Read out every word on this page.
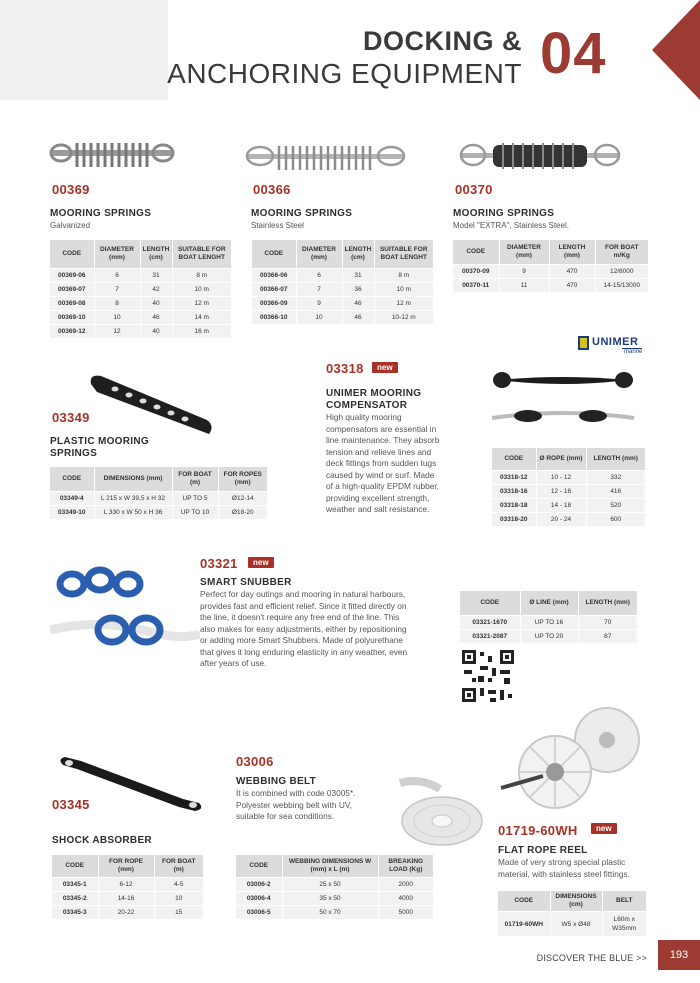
DOCKING &
ANCHORING EQUIPMENT 04
00369
MOORING SPRINGS
Galvanized
CODE	DIAMETER (mm)	LENGTH (cm)	SUITABLE FOR BOAT LENGHT
00369-06	6	31	8 m
00369-07	7	42	10 m
00369-08	8	40	12 m
00369-10	10	46	14 m
00369-12	12	40	16 m
00366
MOORING SPRINGS
Stainless Steel
CODE	DIAMETER (mm)	LENGTH (cm)	SUITABLE FOR BOAT LENGHT
00366-06	6	31	8 m
00366-07	7	36	10 m
00366-09	9	46	12 m
00366-10	10	46	10-12 m
00370
MOORING SPRINGS
Model "EXTRA", Stainless Steel.
CODE	DIAMETER (mm)	LENGTH (mm)	FOR BOAT m/Kg
00370-09	9	470	12/8000
00370-11	11	470	14-15/13000
UNIMER
marine
03349
PLASTIC MOORING
SPRINGS
CODE	DIMENSIONS (mm)	FOR BOAT (m)	FOR ROPES (mm)
03349-4	L 215 x W 39,5 x H 32	UP TO 5	Ø12-14
03349-10	L 330 x W 50 x H 36	UP TO 10	Ø18-20
03318	new
UNIMER MOORING
COMPENSATOR
High quality mooring
compensators are essential in
line maintenance. They absorb
tension and relieve lines and
deck fittings from sudden tugs
caused by wind or surf. Made
of a high-quality EPDM rubber,
providing excellent strength,
weather and salt resistance.
CODE	Ø ROPE (mm)	LENGTH (mm)
03318-12	10 - 12	332
03318-16	12 - 16	416
03318-18	14 - 18	520
03318-20	20 - 24	600
03321	new
SMART SNUBBER
Perfect for day outings and mooring in natural harbours,
provides fast and efficient relief. Since it fitted directly on
the line, it doesn't require any free end of the line. This
also makes for easy adjustments, either by repositioning
or adding more Smart Shubbers. Made of polyurethane
that gives it long enduring elasticity in any weather, even
after years of use.
CODE	Ø LINE (mm)	LENGTH (mm)
03321-1670	UP TO 16	70
03321-2087	UP TO 20	87
03345
SHOCK ABSORBER
CODE	FOR ROPE (mm)	FOR BOAT (m)
03345-1	6-12	4-5
03345-2	14-16	10
03345-3	20-22	15
03006
WEBBING BELT
It is combined with code 03005*.
Polyester webbing belt with UV,
suitable for sea conditions.
CODE	WEBBING DIMENSIONS W (mm) x L (m)	BREAKING LOAD (Kg)
03006-2	25 x 50	2000
03006-4	35 x 50	4000
03006-5	50 x 70	5000
01719-60WH	new
FLAT ROPE REEL
Made of very strong special plastic
material, with stainless steel fittings.
CODE	DIMENSIONS (cm)	BELT
01719-60WH	W5 x Ø48	L60m x
W35mm
DISCOVER THE BLUE >>	193
